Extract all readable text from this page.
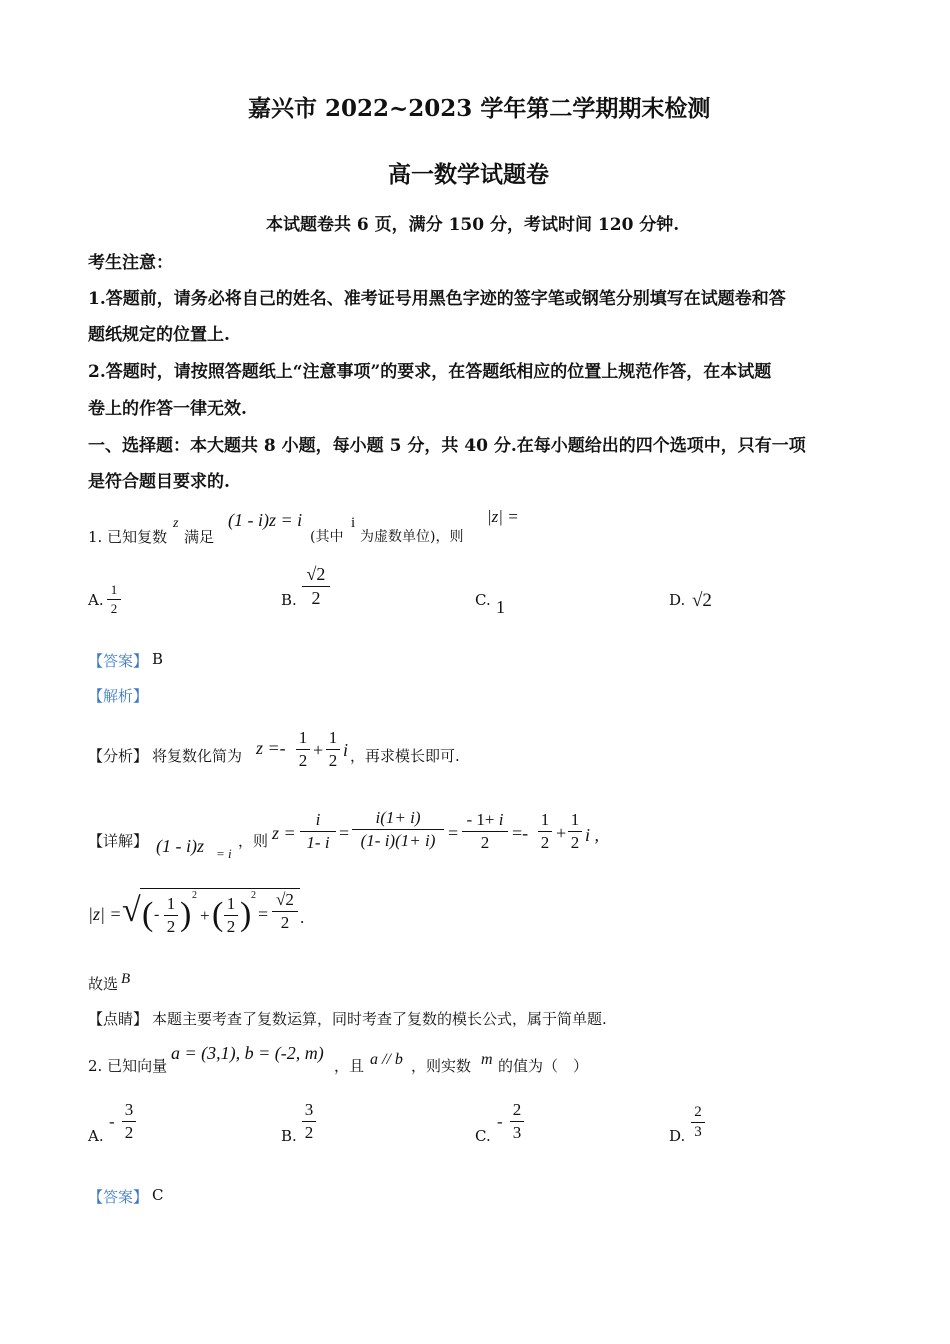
嘉兴市 2022~2023 学年第二学期期末检测
高一数学试题卷
本试题卷共 6 页，满分 150 分，考试时间 120 分钟.
考生注意：
1.答题前，请务必将自己的姓名、准考证号用黑色字迹的签字笔或钢笔分别填写在试题卷和答
题纸规定的位置上.
2.答题时，请按照答题纸上“注意事项”的要求，在答题纸相应的位置上规范作答，在本试题
卷上的作答一律无效.
一、选择题：本大题共 8 小题，每小题 5 分，共 40 分.在每小题给出的四个选项中，只有一项
是符合题目要求的.
1. 已知复数
z
满足
(1 - i)z = i
(其中
i
为虚数单位)，则
|z| =
A.
1
2	B.
√2
2	C. 1	D. √2
【答案】 B
【解析】
【分析】 将复数化简为 z =-
1
2
+
1
2
i ，再求模长即可.
【详解】 (1 - i)z = i
，则 z =
i
1- i =
i(1+ i)
(1- i)(1+ i) =
- 1+ i
2	=-
1
2 +
1
2 i ,
|z| = √ ( -
1
2 )
2
+ ( 1
2 )
2
=
√2
2 .
故选 B
【点睛】 本题主要考查了复数运算，同时考查了复数的模长公式，属于简单题.
2. 已知向量
a = (3,1), b = (-2, m)
，且 a // b ，则实数 m 的值为（　）
A.
-
3
2	B.
3
2	C.
-
2
3	D.
2
3
【答案】 C
